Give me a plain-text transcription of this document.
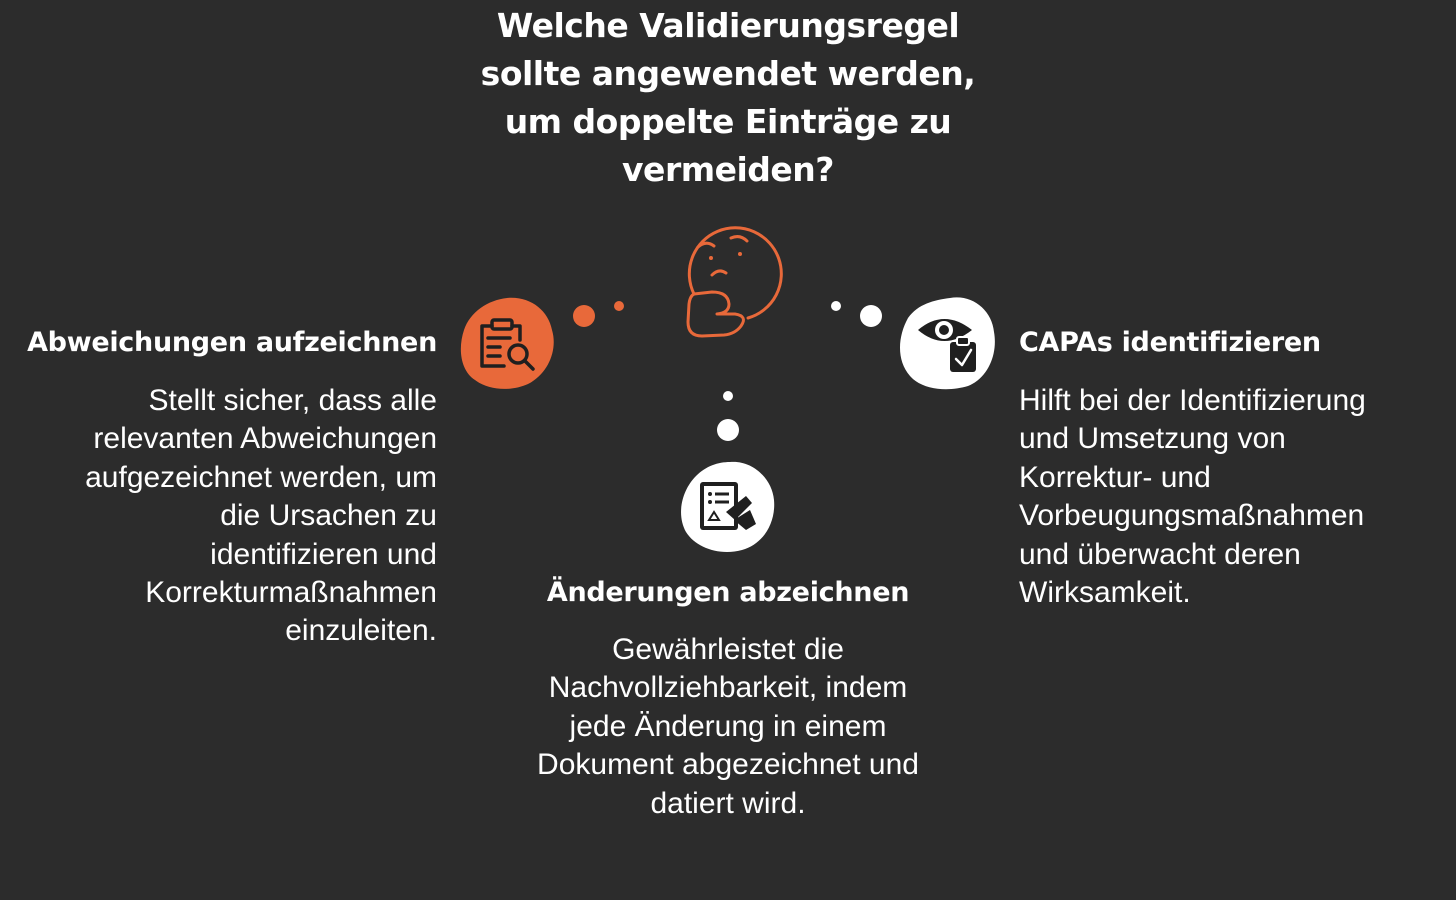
Welche Validierungsregel
sollte angewendet werden,
um doppelte Einträge zu
vermeiden?
Abweichungen aufzeichnen
Stellt sicher, dass alle
relevanten Abweichungen
aufgezeichnet werden, um
die Ursachen zu
identifizieren und
Korrekturmaßnahmen
einzuleiten.
CAPAs identifizieren
Hilft bei der Identifizierung
und Umsetzung von
Korrektur- und
Vorbeugungsmaßnahmen
und überwacht deren
Wirksamkeit.
Änderungen abzeichnen
Gewährleistet die
Nachvollziehbarkeit, indem
jede Änderung in einem
Dokument abgezeichnet und
datiert wird.
